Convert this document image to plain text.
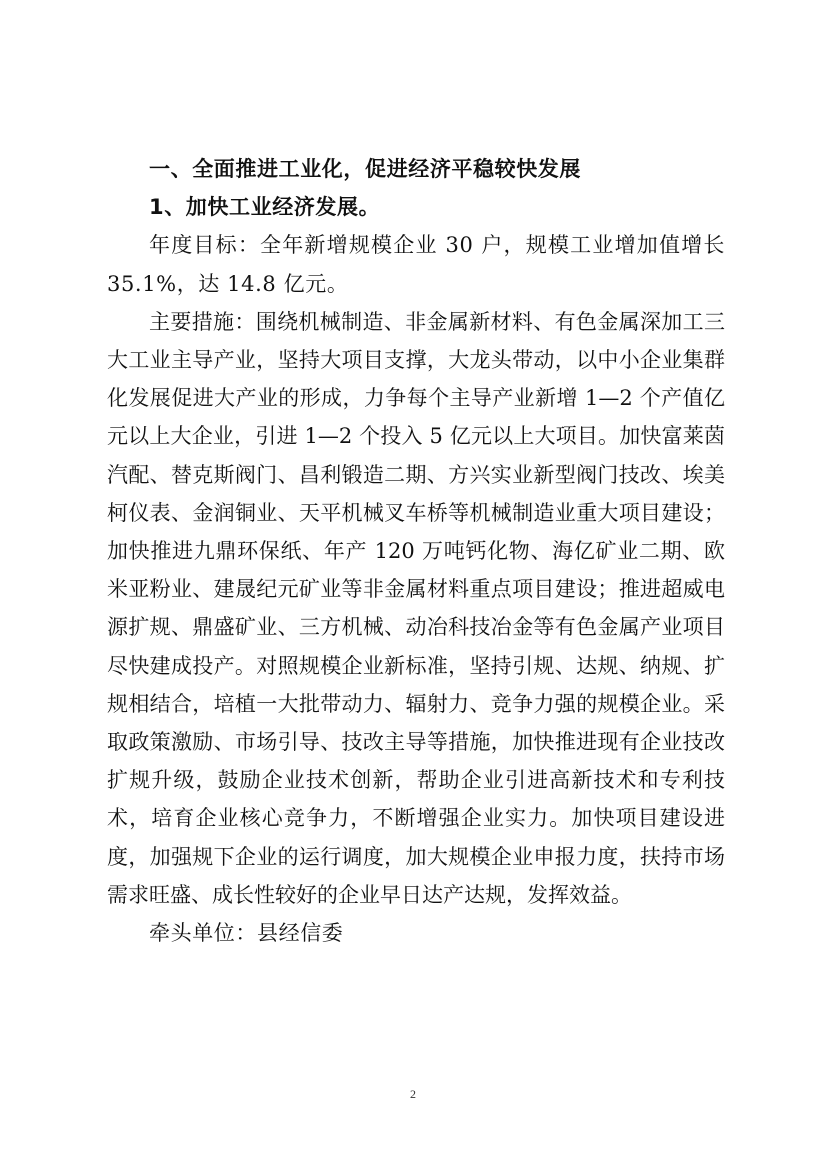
一、全面推进工业化，促进经济平稳较快发展

1、加快工业经济发展。

年度目标：全年新增规模企业 30 户，规模工业增加值增长 35.1%，达 14.8 亿元。

主要措施：围绕机械制造、非金属新材料、有色金属深加工三大工业主导产业，坚持大项目支撑，大龙头带动，以中小企业集群化发展促进大产业的形成，力争每个主导产业新增 1—2 个产值亿元以上大企业，引进 1—2 个投入 5 亿元以上大项目。加快富莱茵汽配、替克斯阀门、昌利锻造二期、方兴实业新型阀门技改、埃美柯仪表、金润铜业、天平机械叉车桥等机械制造业重大项目建设；加快推进九鼎环保纸、年产 120 万吨钙化物、海亿矿业二期、欧米亚粉业、建晟纪元矿业等非金属材料重点项目建设；推进超威电源扩规、鼎盛矿业、三方机械、动冶科技冶金等有色金属产业项目尽快建成投产。对照规模企业新标准，坚持引规、达规、纳规、扩规相结合，培植一大批带动力、辐射力、竞争力强的规模企业。采取政策激励、市场引导、技改主导等措施，加快推进现有企业技改扩规升级，鼓励企业技术创新，帮助企业引进高新技术和专利技术，培育企业核心竞争力，不断增强企业实力。加快项目建设进度，加强规下企业的运行调度，加大规模企业申报力度，扶持市场需求旺盛、成长性较好的企业早日达产达规，发挥效益。

牵头单位：县经信委

2
